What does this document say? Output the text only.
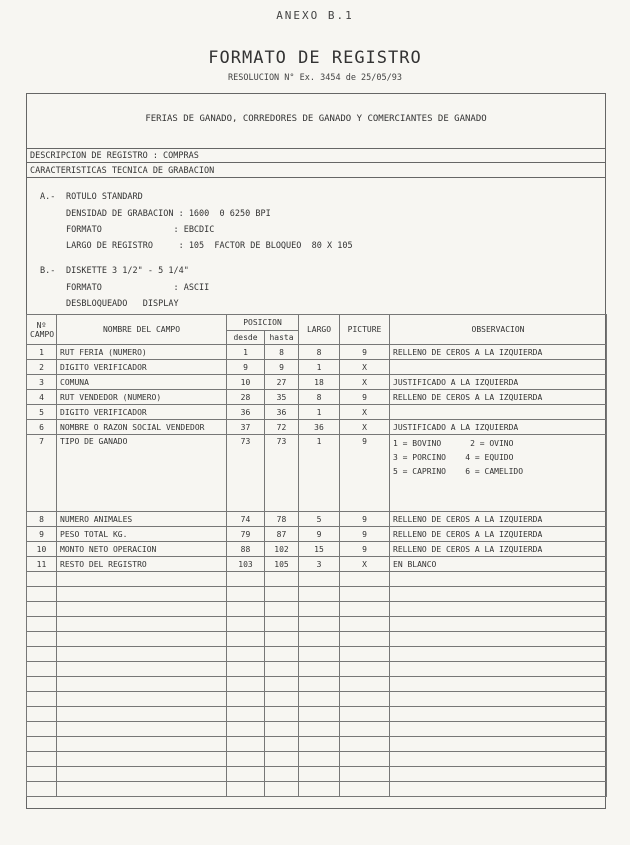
ANEXO B.1
FORMATO DE REGISTRO
RESOLUCION N° Ex. 3454 de 25/05/93
FERIAS DE GANADO, CORREDORES DE GANADO Y COMERCIANTES DE GANADO
DESCRIPCION DE REGISTRO : COMPRAS
CARACTERISTICAS TECNICA DE GRABACION
A.- ROTULO STANDARD
DENSIDAD DE GRABACION : 1600  0 6250 BPI
FORMATO              : EBCDIC
LARGO DE REGISTRO     : 105  FACTOR DE BLOQUEO  80 X 105
B.- DISKETTE 3 1/2" - 5 1/4"
FORMATO              : ASCII
DESBLOQUEADO   DISPLAY
Nº
CAMPO	NOMBRE DEL CAMPO	POSICION		LARGO	PICTURE	OBSERVACION
		desde	hasta			
1	RUT FERIA (NUMERO)	1	8	8	9	RELLENO DE CEROS A LA IZQUIERDA
2	DIGITO VERIFICADOR	9	9	1	X	
3	COMUNA	10	27	18	X	JUSTIFICADO A LA IZQUIERDA
4	RUT VENDEDOR (NUMERO)	28	35	8	9	RELLENO DE CEROS A LA IZQUIERDA
5	DIGITO VERIFICADOR	36	36	1	X	
6	NOMBRE O RAZON SOCIAL VENDEDOR	37	72	36	X	JUSTIFICADO A LA IZQUIERDA
7	TIPO DE GANADO	73	73	1	9	1 = BOVINO      2 = OVINO
3 = PORCINO    4 = EQUIDO
5 = CAPRINO    6 = CAMELIDO

8	NUMERO ANIMALES	74	78	5	9	RELLENO DE CEROS A LA IZQUIERDA
9	PESO TOTAL KG.	79	87	9	9	RELLENO DE CEROS A LA IZQUIERDA
10	MONTO NETO OPERACION	88	102	15	9	RELLENO DE CEROS A LA IZQUIERDA
11	RESTO DEL REGISTRO	103	105	3	X	EN BLANCO
